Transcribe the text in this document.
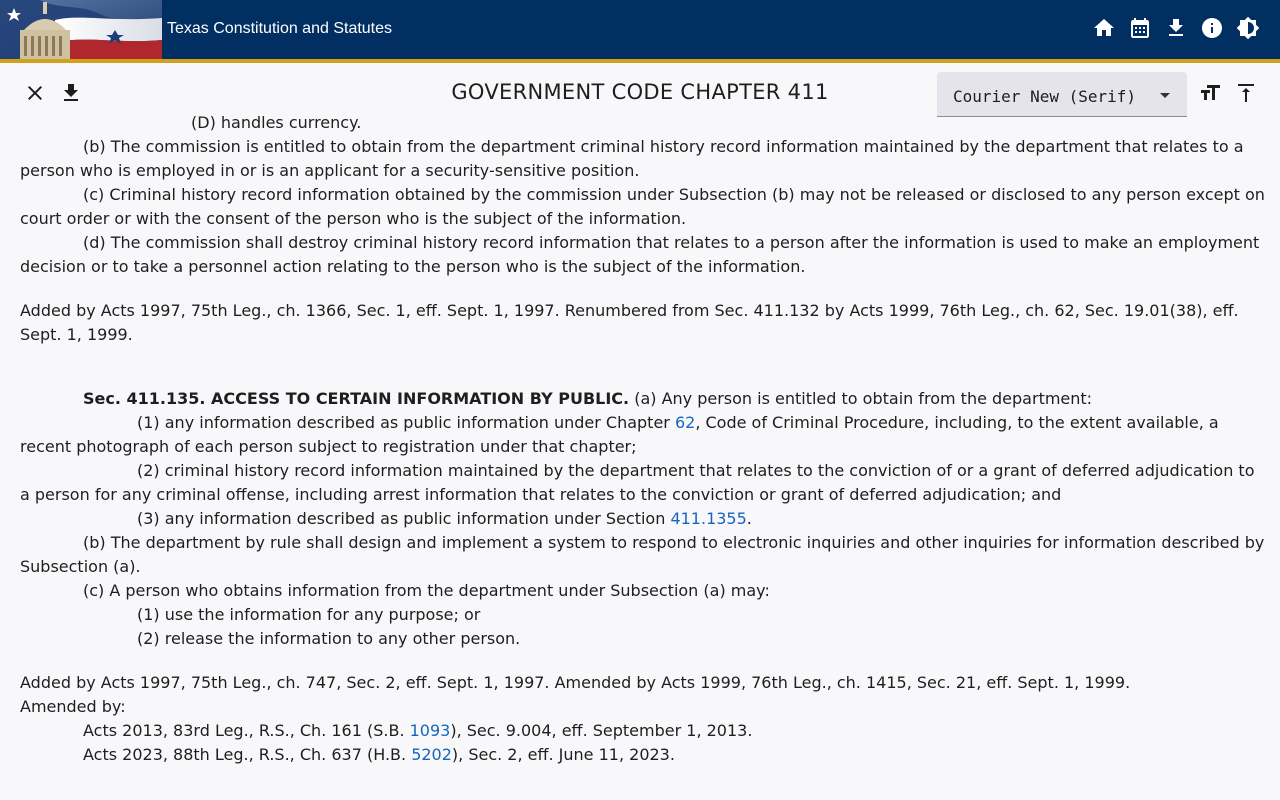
Texas Constitution and Statutes
GOVERNMENT CODE CHAPTER 411	Courier New (Serif)

(D) handles currency.

(b) The commission is entitled to obtain from the department criminal history record information maintained by the department that relates to a person who is employed in or is an applicant for a security-sensitive position.

(c) Criminal history record information obtained by the commission under Subsection (b) may not be released or disclosed to any person except on court order or with the consent of the person who is the subject of the information.

(d) The commission shall destroy criminal history record information that relates to a person after the information is used to make an employment decision or to take a personnel action relating to the person who is the subject of the information.

Added by Acts 1997, 75th Leg., ch. 1366, Sec. 1, eff. Sept. 1, 1997. Renumbered from Sec. 411.132 by Acts 1999, 76th Leg., ch. 62, Sec. 19.01(38), eff. Sept. 1, 1999.

Sec. 411.135. ACCESS TO CERTAIN INFORMATION BY PUBLIC. (a) Any person is entitled to obtain from the department:

(1) any information described as public information under Chapter 62, Code of Criminal Procedure, including, to the extent available, a recent photograph of each person subject to registration under that chapter;

(2) criminal history record information maintained by the department that relates to the conviction of or a grant of deferred adjudication to a person for any criminal offense, including arrest information that relates to the conviction or grant of deferred adjudication; and

(3) any information described as public information under Section 411.1355.

(b) The department by rule shall design and implement a system to respond to electronic inquiries and other inquiries for information described by Subsection (a).

(c) A person who obtains information from the department under Subsection (a) may:

(1) use the information for any purpose; or

(2) release the information to any other person.

Added by Acts 1997, 75th Leg., ch. 747, Sec. 2, eff. Sept. 1, 1997. Amended by Acts 1999, 76th Leg., ch. 1415, Sec. 21, eff. Sept. 1, 1999.

Amended by:

Acts 2013, 83rd Leg., R.S., Ch. 161 (S.B. 1093), Sec. 9.004, eff. September 1, 2013.

Acts 2023, 88th Leg., R.S., Ch. 637 (H.B. 5202), Sec. 2, eff. June 11, 2023.
